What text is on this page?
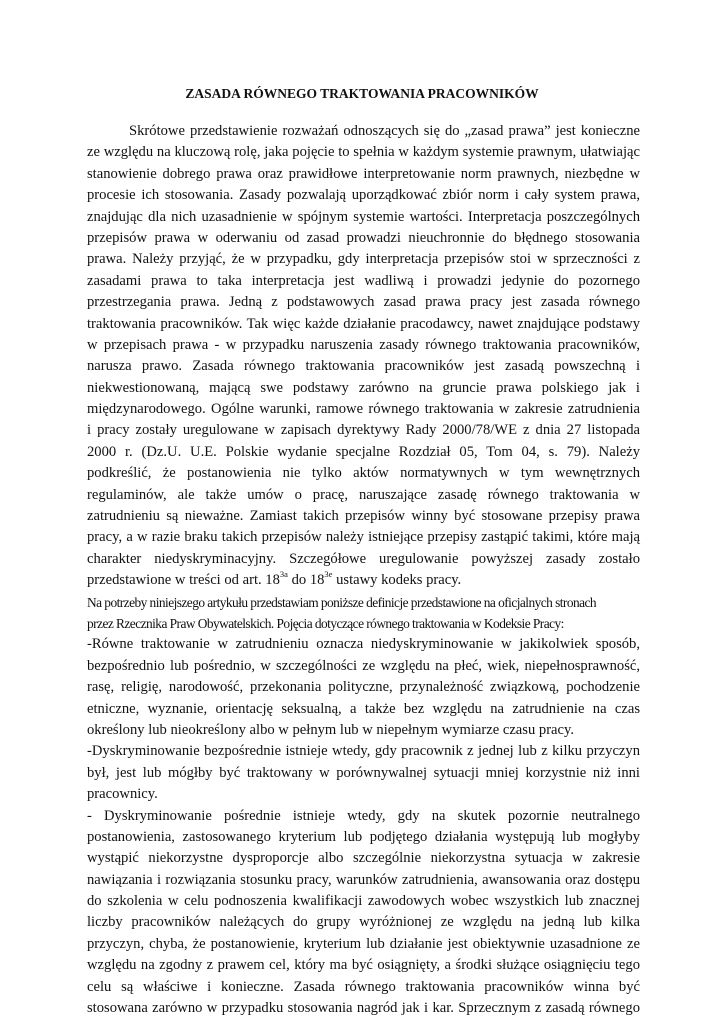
ZASADA RÓWNEGO TRAKTOWANIA PRACOWNIKÓW
Skrótowe przedstawienie rozważań odnoszących się do „zasad prawa” jest konieczne
ze względu na kluczową rolę, jaka pojęcie to spełnia w każdym systemie prawnym, ułatwiając
stanowienie dobrego prawa oraz prawidłowe interpretowanie norm prawnych, niezbędne w
procesie ich stosowania. Zasady pozwalają uporządkować zbiór norm i cały system prawa,
znajdując dla nich uzasadnienie w spójnym systemie wartości. Interpretacja poszczególnych
przepisów prawa w oderwaniu od zasad prowadzi nieuchronnie do błędnego stosowania
prawa. Należy przyjąć, że w przypadku, gdy interpretacja przepisów stoi w sprzeczności z
zasadami prawa to taka interpretacja jest wadliwą i prowadzi jedynie do pozornego
przestrzegania prawa. Jedną z podstawowych zasad prawa pracy jest zasada równego
traktowania pracowników. Tak więc każde działanie pracodawcy, nawet znajdujące podstawy
w przepisach prawa - w przypadku naruszenia zasady równego traktowania pracowników,
narusza prawo. Zasada równego traktowania pracowników jest zasadą powszechną i
niekwestionowaną, mającą swe podstawy zarówno na gruncie prawa polskiego jak i
międzynarodowego. Ogólne warunki, ramowe równego traktowania w zakresie zatrudnienia
i pracy zostały uregulowane w zapisach dyrektywy Rady 2000/78/WE z dnia 27 listopada
2000 r. (Dz.U. U.E. Polskie wydanie specjalne Rozdział 05, Tom 04, s. 79). Należy
podkreślić, że postanowienia nie tylko aktów normatywnych w tym wewnętrznych
regulaminów, ale także umów o pracę, naruszające zasadę równego traktowania w
zatrudnieniu są nieważne. Zamiast takich przepisów winny być stosowane przepisy prawa
pracy, a w razie braku takich przepisów należy istniejące przepisy zastąpić takimi, które mają
charakter niedyskryminacyjny. Szczegółowe uregulowanie powyższej zasady zostało
przedstawione w treści od art. $18^{3a}$ do $18^{3e}$ ustawy kodeks pracy.
Na potrzeby niniejszego artykułu przedstawiam poniższe definicje przedstawione na oficjalnych stronach
przez Rzecznika Praw Obywatelskich. Pojęcia dotyczące równego traktowania w Kodeksie Pracy:
-Równe traktowanie w zatrudnieniu oznacza niedyskryminowanie w jakikolwiek sposób,
bezpośrednio lub pośrednio, w szczególności ze względu na płeć, wiek, niepełnosprawność,
rasę, religię, narodowość, przekonania polityczne, przynależność związkową, pochodzenie
etniczne, wyznanie, orientację seksualną, a także bez względu na zatrudnienie na czas
określony lub nieokreślony albo w pełnym lub w niepełnym wymiarze czasu pracy.
-Dyskryminowanie bezpośrednie istnieje wtedy, gdy pracownik z jednej lub z kilku przyczyn
był, jest lub mógłby być traktowany w porównywalnej sytuacji mniej korzystnie niż inni
pracownicy.
- Dyskryminowanie pośrednie istnieje wtedy, gdy na skutek pozornie neutralnego
postanowienia, zastosowanego kryterium lub podjętego działania występują lub mogłyby
wystąpić niekorzystne dysproporcje albo szczególnie niekorzystna sytuacja w zakresie
nawiązania i rozwiązania stosunku pracy, warunków zatrudnienia, awansowania oraz dostępu
do szkolenia w celu podnoszenia kwalifikacji zawodowych wobec wszystkich lub znacznej
liczby pracowników należących do grupy wyróżnionej ze względu na jedną lub kilka
przyczyn, chyba, że postanowienie, kryterium lub działanie jest obiektywnie uzasadnione ze
względu na zgodny z prawem cel, który ma być osiągnięty, a środki służące osiągnięciu tego
celu są właściwe i konieczne. Zasada równego traktowania pracowników winna być
stosowana zarówno w przypadku stosowania nagród jak i kar. Sprzecznym z zasadą równego
